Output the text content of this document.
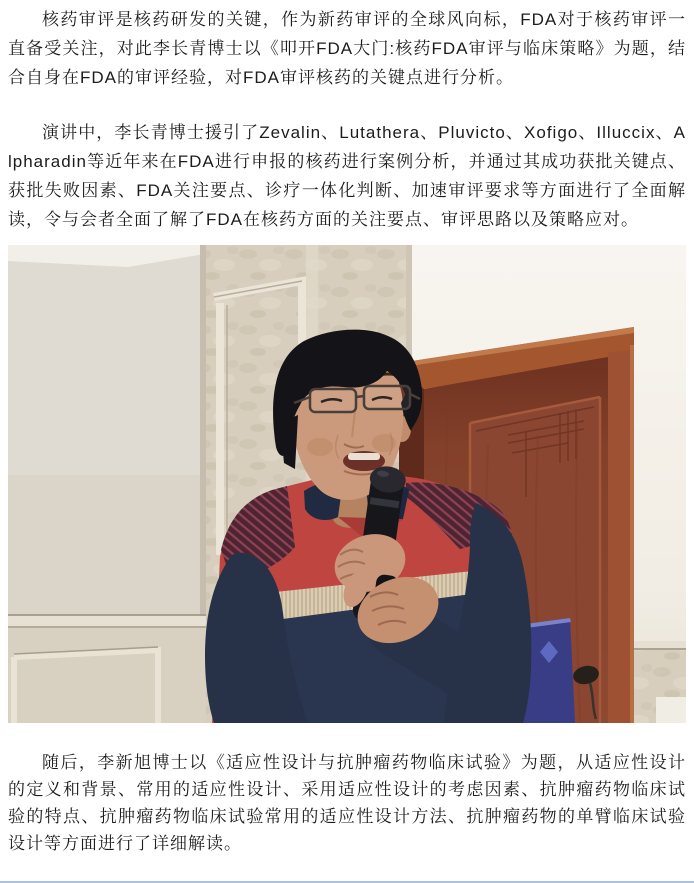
核药审评是核药研发的关键，作为新药审评的全球风向标，FDA对于核药审评一直备受关注，对此李长青博士以《叩开FDA大门:核药FDA审评与临床策略》为题，结合自身在FDA的审评经验，对FDA审评核药的关键点进行分析。

演讲中，李长青博士援引了Zevalin、Lutathera、Pluvicto、Xofigo、Illuccix、Alpharadin等近年来在FDA进行申报的核药进行案例分析，并通过其成功获批关键点、获批失败因素、FDA关注要点、诊疗一体化判断、加速审评要求等方面进行了全面解读，令与会者全面了解了FDA在核药方面的关注要点、审评思路以及策略应对。

随后，李新旭博士以《适应性设计与抗肿瘤药物临床试验》为题，从适应性设计的定义和背景、常用的适应性设计、采用适应性设计的考虑因素、抗肿瘤药物临床试验的特点、抗肿瘤药物临床试验常用的适应性设计方法、抗肿瘤药物的单臂临床试验设计等方面进行了详细解读。
